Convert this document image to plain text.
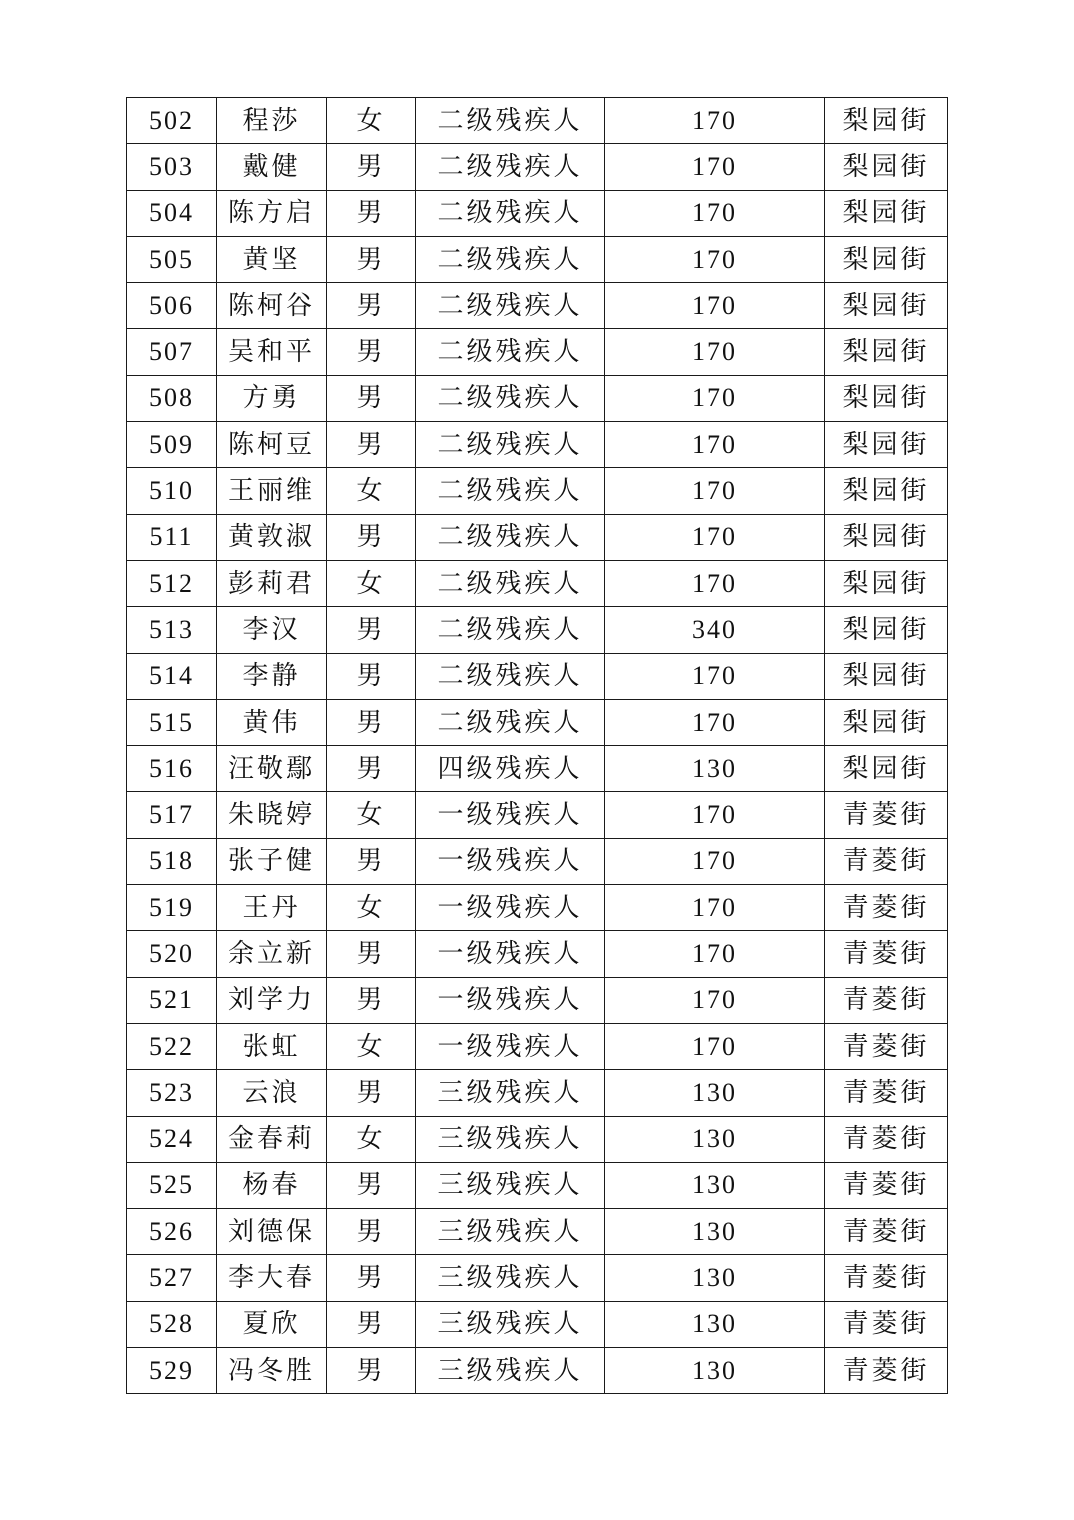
502	程莎	女	二级残疾人	170	梨园街
503	戴健	男	二级残疾人	170	梨园街
504	陈方启	男	二级残疾人	170	梨园街
505	黄坚	男	二级残疾人	170	梨园街
506	陈柯谷	男	二级残疾人	170	梨园街
507	吴和平	男	二级残疾人	170	梨园街
508	方勇	男	二级残疾人	170	梨园街
509	陈柯豆	男	二级残疾人	170	梨园街
510	王丽维	女	二级残疾人	170	梨园街
511	黄敦淑	男	二级残疾人	170	梨园街
512	彭莉君	女	二级残疾人	170	梨园街
513	李汉	男	二级残疾人	340	梨园街
514	李静	男	二级残疾人	170	梨园街
515	黄伟	男	二级残疾人	170	梨园街
516	汪敬鄢	男	四级残疾人	130	梨园街
517	朱晓婷	女	一级残疾人	170	青菱街
518	张子健	男	一级残疾人	170	青菱街
519	王丹	女	一级残疾人	170	青菱街
520	余立新	男	一级残疾人	170	青菱街
521	刘学力	男	一级残疾人	170	青菱街
522	张虹	女	一级残疾人	170	青菱街
523	云浪	男	三级残疾人	130	青菱街
524	金春莉	女	三级残疾人	130	青菱街
525	杨春	男	三级残疾人	130	青菱街
526	刘德保	男	三级残疾人	130	青菱街
527	李大春	男	三级残疾人	130	青菱街
528	夏欣	男	三级残疾人	130	青菱街
529	冯冬胜	男	三级残疾人	130	青菱街
